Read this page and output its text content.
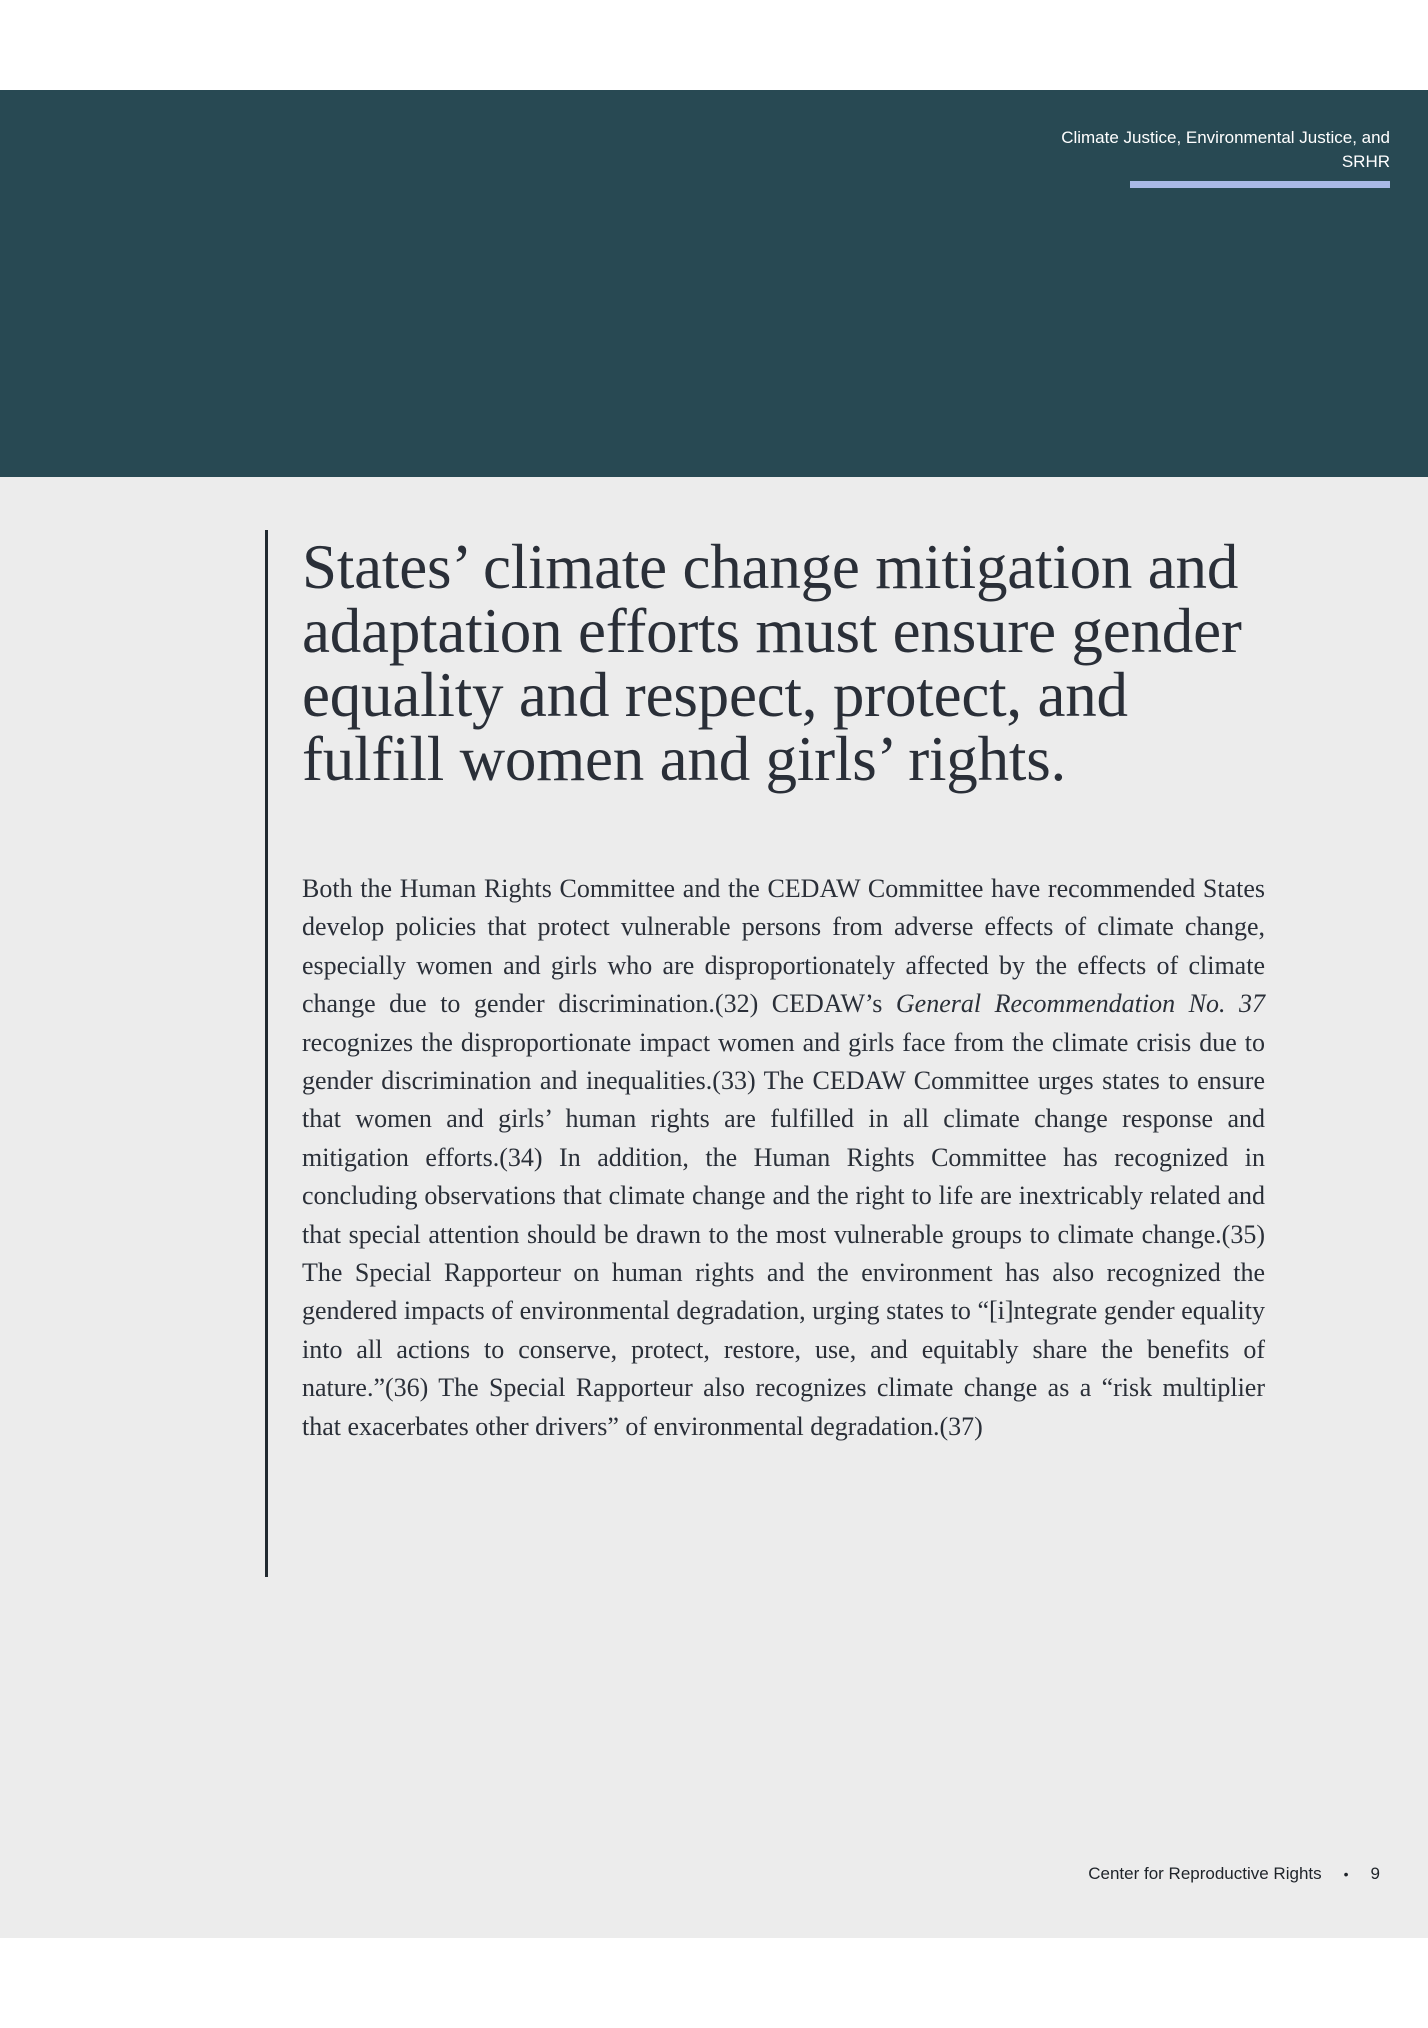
Climate Justice, Environmental Justice, and SRHR
States’ climate change mitigation and adaptation efforts must ensure gender equality and respect, protect, and fulfill women and girls’ rights.

Both the Human Rights Committee and the CEDAW Committee have recommended States develop policies that protect vulnerable persons from adverse effects of climate change, especially women and girls who are disproportionately affected by the effects of climate change due to gender discrimination.(32) CEDAW’s General Recommendation No. 37 recognizes the disproportionate impact women and girls face from the climate crisis due to gender discrimination and inequalities.(33) The CEDAW Committee urges states to ensure that women and girls’ human rights are fulfilled in all climate change response and mitigation efforts.(34) In addition, the Human Rights Committee has recognized in concluding observations that climate change and the right to life are inextricably related and that special attention should be drawn to the most vulnerable groups to climate change.(35) The Special Rapporteur on human rights and the environment has also recognized the gendered impacts of environmental degradation, urging states to “[i]ntegrate gender equality into all actions to conserve, protect, restore, use, and equitably share the benefits of nature.”(36) The Special Rapporteur also recognizes climate change as a “risk multiplier that exacerbates other drivers” of environmental degradation.(37)

Center for Reproductive Rights • 9
